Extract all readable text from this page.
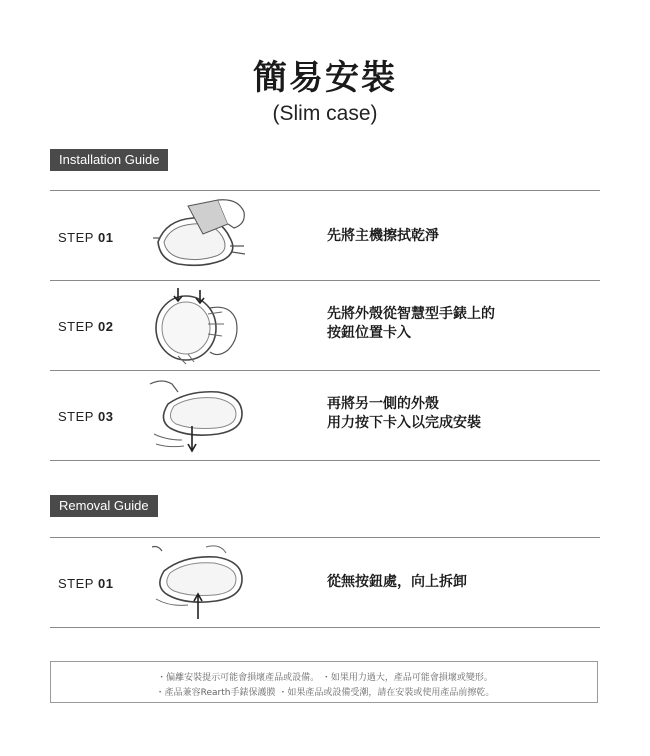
簡易安裝
(Slim case)
Installation Guide
STEP 01	先將主機擦拭乾淨
STEP 02
先將外殼從智慧型手錶上的
按鈕位置卡入
STEP 03
再將另一側的外殼
用力按下卡入以完成安裝
Removal Guide
STEP 01	從無按鈕處，向上拆卸
・偏離安裝提示可能會損壞產品或設備。 ・如果用力過大，產品可能會損壞或變形。
・產品兼容Rearth手錶保護膜 ・如果產品或設備受潮，請在安裝或使用產品前擦乾。
